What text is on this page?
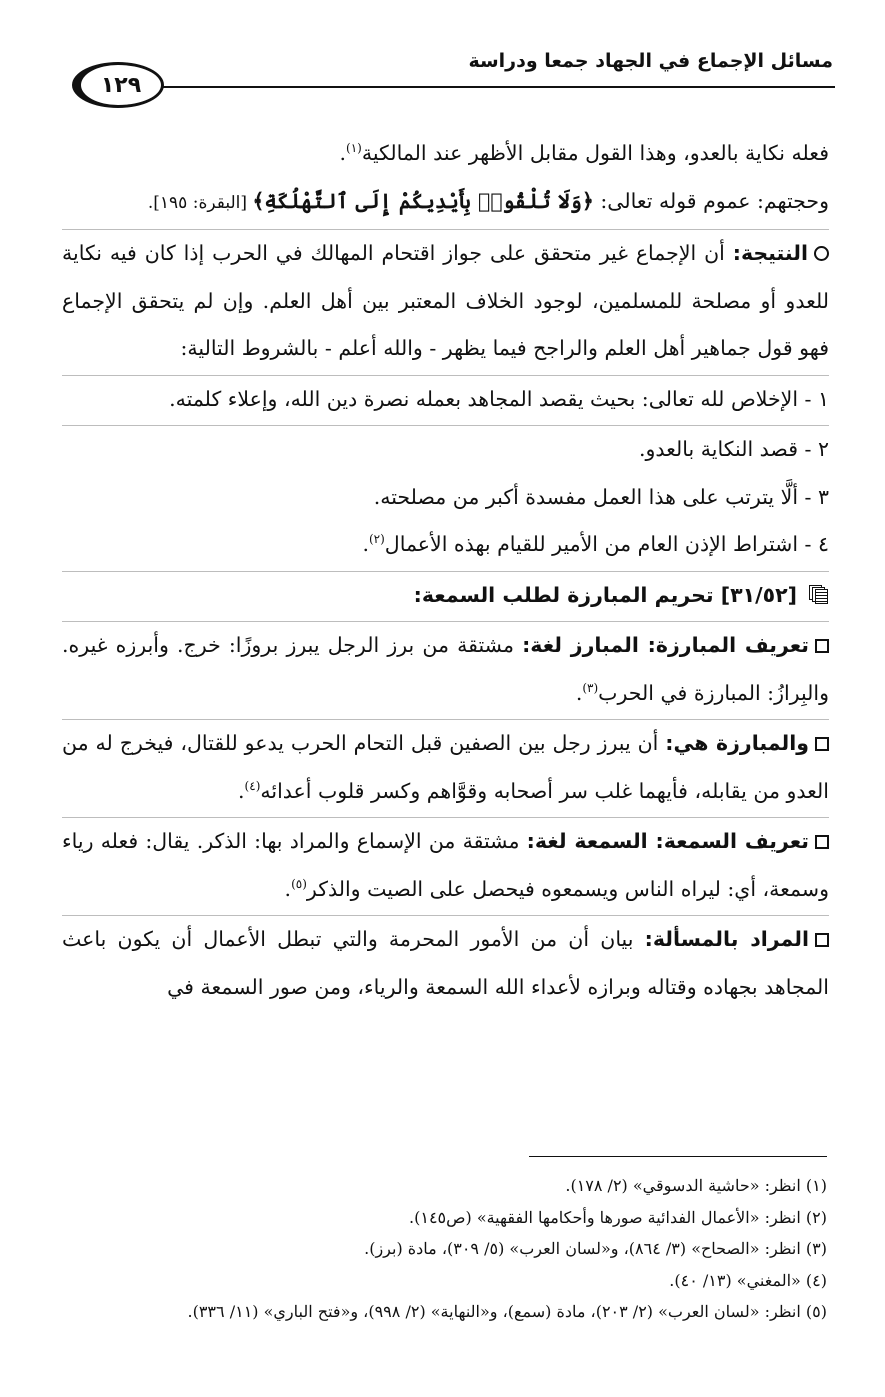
مسائل الإجماع في الجهاد جمعا ودراسة
١٢٩

فعله نكاية بالعدو، وهذا القول مقابل الأظهر عند المالكية$^{(١)}$.

وحجتهم: عموم قوله تعالى: ﴿وَلَا تُلْقُوا۟ بِأَيْدِيكُمْ إِلَى ٱلتَّهْلُكَةِ﴾ [البقرة: ١٩٥].

النتيجة: أن الإجماع غير متحقق على جواز اقتحام المهالك في الحرب إذا كان فيه نكاية للعدو أو مصلحة للمسلمين، لوجود الخلاف المعتبر بين أهل العلم. وإن لم يتحقق الإجماع فهو قول جماهير أهل العلم والراجح فيما يظهر - والله أعلم - بالشروط التالية:

١ - الإخلاص لله تعالى: بحيث يقصد المجاهد بعمله نصرة دين الله، وإعلاء كلمته.

٢ - قصد النكاية بالعدو.

٣ - ألَّا يترتب على هذا العمل مفسدة أكبر من مصلحته.

٤ - اشتراط الإذن العام من الأمير للقيام بهذه الأعمال$^{(٢)}$.

[٣١/٥٢] تحريم المبارزة لطلب السمعة:

تعريف المبارزة: المبارز لغة: مشتقة من برز الرجل يبرز بروزًا: خرج. وأبرزه غيره. والبِرازُ: المبارزة في الحرب$^{(٣)}$.

والمبارزة هي: أن يبرز رجل بين الصفين قبل التحام الحرب يدعو للقتال، فيخرج له من العدو من يقابله، فأيهما غلب سر أصحابه وقوَّاهم وكسر قلوب أعدائه$^{(٤)}$.

تعريف السمعة: السمعة لغة: مشتقة من الإسماع والمراد بها: الذكر. يقال: فعله رياء وسمعة، أي: ليراه الناس ويسمعوه فيحصل على الصيت والذكر$^{(٥)}$.

المراد بالمسألة: بيان أن من الأمور المحرمة والتي تبطل الأعمال أن يكون باعث المجاهد بجهاده وقتاله وبرازه لأعداء الله السمعة والرياء، ومن صور السمعة في

(١) انظر: «حاشية الدسوقي» (٢/ ١٧٨).

(٢) انظر: «الأعمال الفدائية صورها وأحكامها الفقهية» (ص١٤٥).

(٣) انظر: «الصحاح» (٣/ ٨٦٤)، و«لسان العرب» (٥/ ٣٠٩)، مادة (برز).

(٤) «المغني» (١٣/ ٤٠).

(٥) انظر: «لسان العرب» (٢/ ٢٠٣)، مادة (سمع)، و«النهاية» (٢/ ٩٩٨)، و«فتح الباري» (١١/ ٣٣٦).
